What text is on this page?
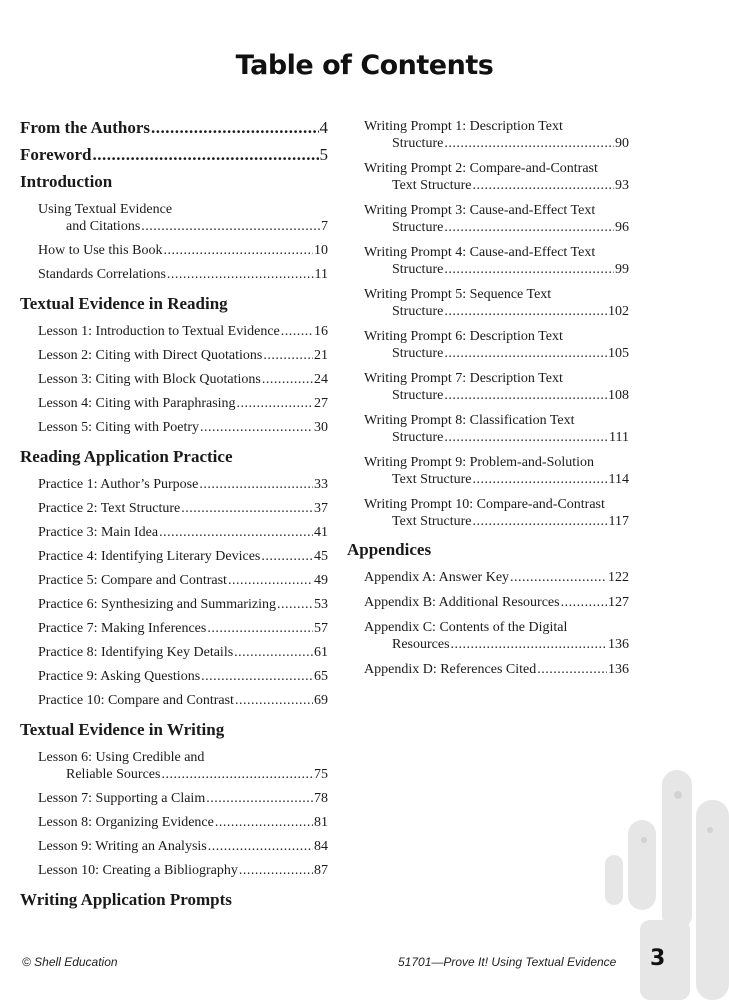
Table of Contents
From the Authors .....	4
Foreword .....	5
Introduction
Using Textual Evidence
and Citations .....	7
How to Use this Book .....	10
Standards Correlations .....	11
Textual Evidence in Reading
Lesson 1: Introduction to Textual Evidence ..... 16
Lesson 2: Citing with Direct Quotations .....	21
Lesson 3: Citing with Block Quotations .....	24
Lesson 4: Citing with Paraphrasing .....	27
Lesson 5: Citing with Poetry .....	30
Reading Application Practice
Practice 1: Author’s Purpose .....	33
Practice 2: Text Structure .....	37
Practice 3: Main Idea .....	41
Practice 4: Identifying Literary Devices .....	45
Practice 5: Compare and Contrast .....	49
Practice 6: Synthesizing and Summarizing .....	53
Practice 7: Making Inferences .....	57
Practice 8: Identifying Key Details .....	61
Practice 9: Asking Questions .....	65
Practice 10: Compare and Contrast .....	69
Textual Evidence in Writing
Lesson 6: Using Credible and
Reliable Sources .....	75
Lesson 7: Supporting a Claim .....	78
Lesson 8: Organizing Evidence .....	81
Lesson 9: Writing an Analysis .....	84
Lesson 10: Creating a Bibliography .....	87
Writing Application Prompts
Writing Prompt 1: Description Text
Structure .....	90
Writing Prompt 2: Compare-and-Contrast
Text Structure .....	93
Writing Prompt 3: Cause-and-Effect Text
Structure .....	96
Writing Prompt 4: Cause-and-Effect Text
Structure .....	99
Writing Prompt 5: Sequence Text
Structure .....	102
Writing Prompt 6: Description Text
Structure .....	105
Writing Prompt 7: Description Text
Structure .....	108
Writing Prompt 8: Classification Text
Structure .....	111
Writing Prompt 9: Problem-and-Solution
Text Structure .....	114
Writing Prompt 10: Compare-and-Contrast
Text Structure .....	117
Appendices
Appendix A: Answer Key .....	122
Appendix B: Additional Resources .....	127
Appendix C: Contents of the Digital
Resources .....	136
Appendix D: References Cited .....	136
© Shell Education	51701—Prove It! Using Textual Evidence 3
